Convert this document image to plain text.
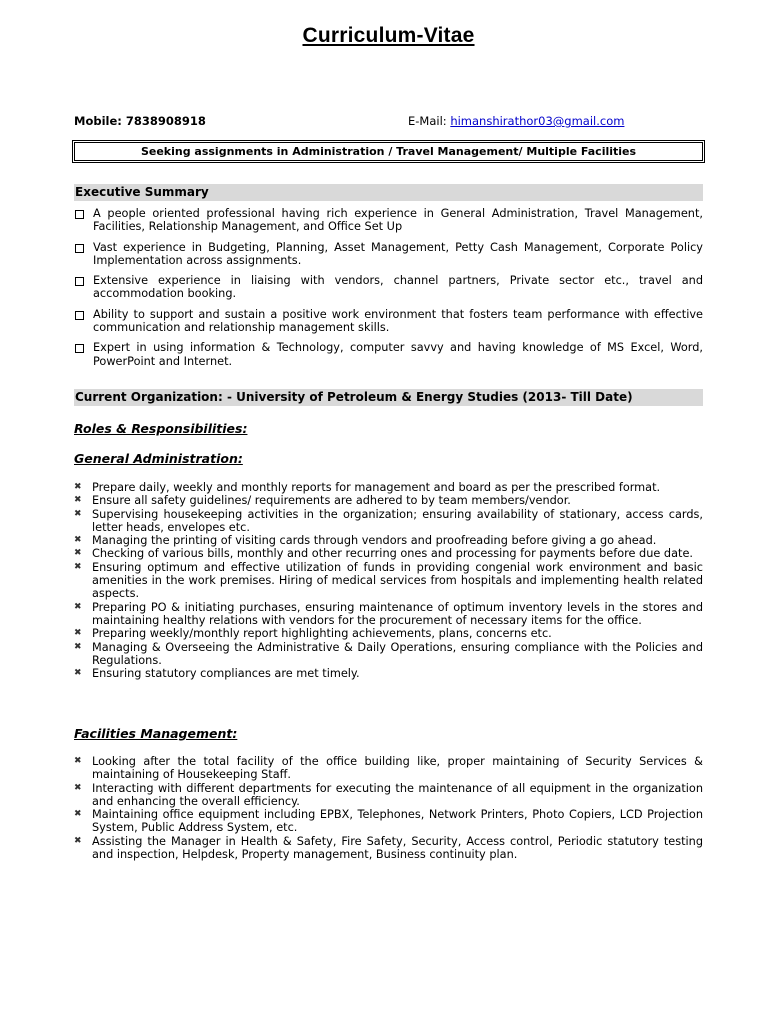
Curriculum-Vitae
Mobile: 7838908918	E-Mail: himanshirathor03@gmail.com
Seeking assignments in Administration / Travel Management/ Multiple Facilities
Executive Summary
A people oriented professional having rich experience in General Administration, Travel Management, Facilities, Relationship Management, and Office Set Up
Vast experience in Budgeting, Planning, Asset Management, Petty Cash Management, Corporate Policy Implementation across assignments.
Extensive experience in liaising with vendors, channel partners, Private sector etc., travel and accommodation booking.
Ability to support and sustain a positive work environment that fosters team performance with effective communication and relationship management skills.
Expert in using information & Technology, computer savvy and having knowledge of MS Excel, Word, PowerPoint and Internet.
Current Organization: - University of Petroleum & Energy Studies (2013- Till Date)
Roles & Responsibilities:
General Administration:
✖ Prepare daily, weekly and monthly reports for management and board as per the prescribed format.
✖ Ensure all safety guidelines/ requirements are adhered to by team members/vendor.
✖ Supervising housekeeping activities in the organization; ensuring availability of stationary, access cards, letter heads, envelopes etc.
✖ Managing the printing of visiting cards through vendors and proofreading before giving a go ahead.
✖ Checking of various bills, monthly and other recurring ones and processing for payments before due date.
✖ Ensuring optimum and effective utilization of funds in providing congenial work environment and basic amenities in the work premises. Hiring of medical services from hospitals and implementing health related aspects.
✖ Preparing PO & initiating purchases, ensuring maintenance of optimum inventory levels in the stores and maintaining healthy relations with vendors for the procurement of necessary items for the office.
✖ Preparing weekly/monthly report highlighting achievements, plans, concerns etc.
✖ Managing & Overseeing the Administrative & Daily Operations, ensuring compliance with the Policies and Regulations.
✖ Ensuring statutory compliances are met timely.
Facilities Management:
✖ Looking after the total facility of the office building like, proper maintaining of Security Services & maintaining of Housekeeping Staff.
✖ Interacting with different departments for executing the maintenance of all equipment in the organization and enhancing the overall efficiency.
✖ Maintaining office equipment including EPBX, Telephones, Network Printers, Photo Copiers, LCD Projection System, Public Address System, etc.
✖ Assisting the Manager in Health & Safety, Fire Safety, Security, Access control, Periodic statutory testing and inspection, Helpdesk, Property management, Business continuity plan.
